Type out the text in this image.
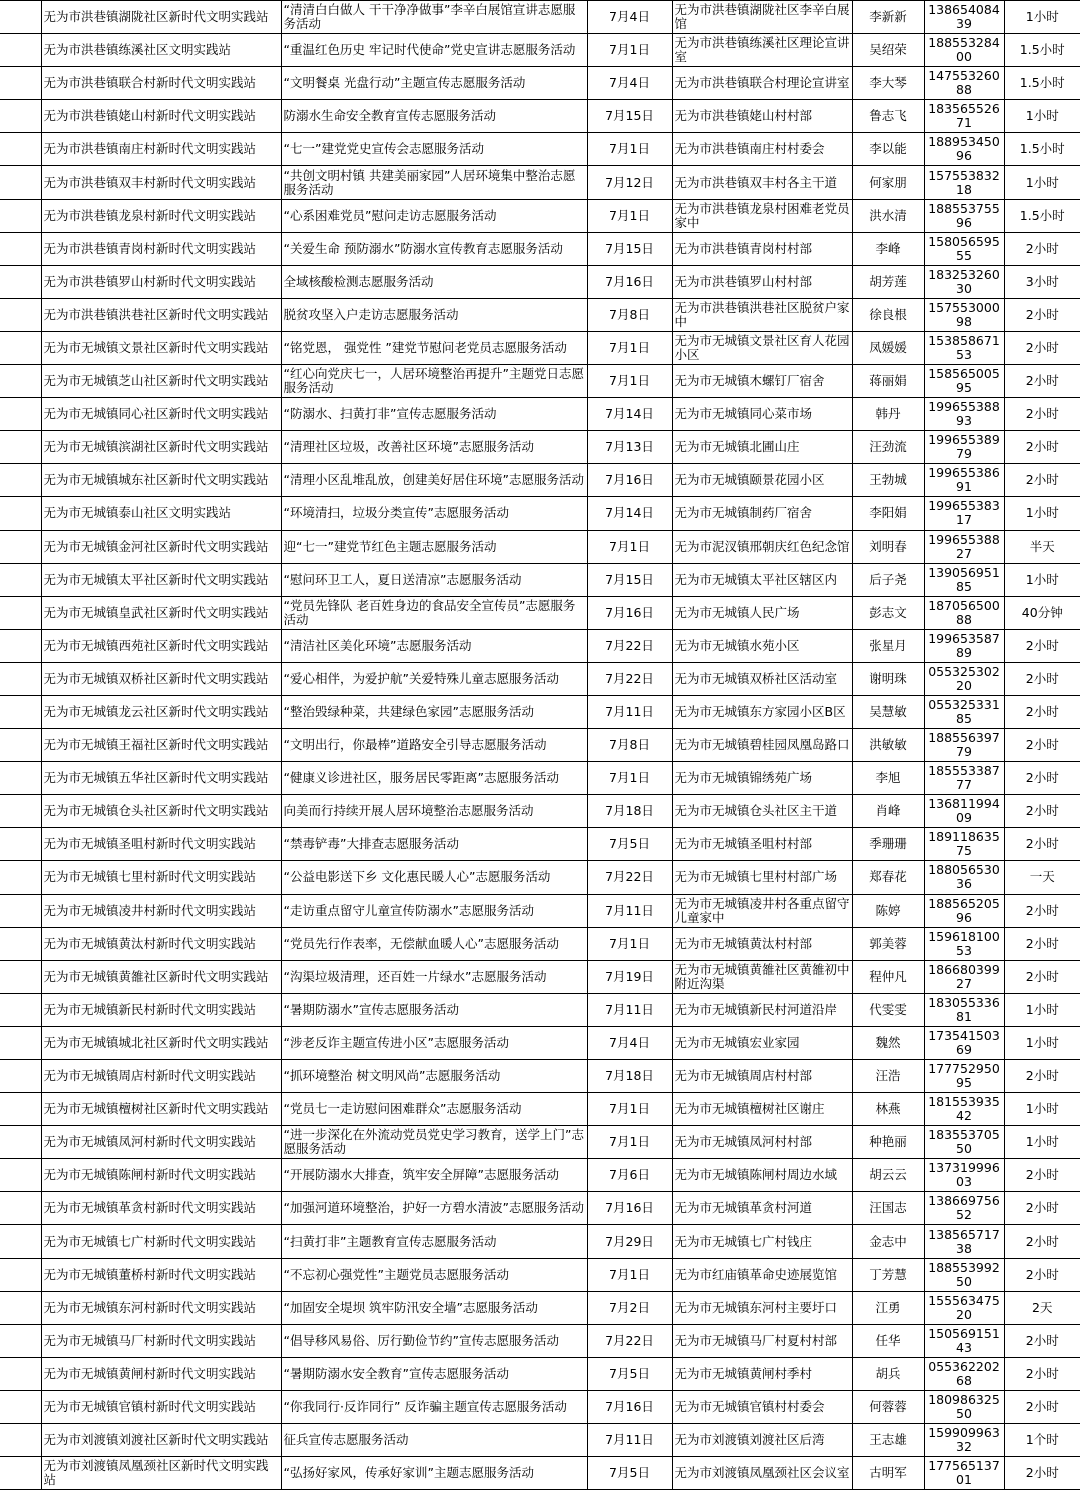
	无为市洪巷镇湖陇社区新时代文明实践站	“清清白白做人 干干净净做事”李辛白展馆宣讲志愿服务活动	7月4日	无为市洪巷镇湖陇社区李辛白展馆	李新新	13865408439	1小时

	无为市洪巷镇练溪社区文明实践站	“重温红色历史 牢记时代使命”党史宣讲志愿服务活动	7月1日	无为市洪巷镇练溪社区理论宣讲室	吴绍荣	18855328400	1.5小时

	无为市洪巷镇联合村新时代文明实践站	“文明餐桌 光盘行动”主题宣传志愿服务活动	7月4日	无为市洪巷镇联合村理论宣讲室	李大琴	14755326088	1.5小时

	无为市洪巷镇姥山村新时代文明实践站	防溺水生命安全教育宣传志愿服务活动	7月15日	无为市洪巷镇姥山村村部	鲁志飞	18356552671	1小时

	无为市洪巷镇南庄村新时代文明实践站	“七一”建党党史宣传会志愿服务活动	7月1日	无为市洪巷镇南庄村村委会	李以能	18895345096	1.5小时

	无为市洪巷镇双丰村新时代文明实践站	“共创文明村镇 共建美丽家园”人居环境集中整治志愿服务活动	7月12日	无为市洪巷镇双丰村各主干道	何家朋	15755383218	1小时

	无为市洪巷镇龙泉村新时代文明实践站	“心系困难党员”慰问走访志愿服务活动	7月1日	无为市洪巷镇龙泉村困难老党员家中	洪水清	18855375596	1.5小时

	无为市洪巷镇青岗村新时代文明实践站	“关爱生命 预防溺水”防溺水宣传教育志愿服务活动	7月15日	无为市洪巷镇青岗村村部	李峰	15805659555	2小时

	无为市洪巷镇罗山村新时代文明实践站	全域核酸检测志愿服务活动	7月16日	无为市洪巷镇罗山村村部	胡芳莲	18325326030	3小时

	无为市洪巷镇洪巷社区新时代文明实践站	脱贫攻坚入户走访志愿服务活动	7月8日	无为市洪巷镇洪巷社区脱贫户家中	徐良根	15755300098	2小时

	无为市无城镇文景社区新时代文明实践站	“铭党恩， 强党性 ”建党节慰问老党员志愿服务活动	7月1日	无为市无城镇文景社区育人花园小区	凤媛媛	15385867153	2小时

	无为市无城镇芝山社区新时代文明实践站	“红心向党庆七一，人居环境整治再提升”主题党日志愿服务活动	7月1日	无为市无城镇木螺钉厂宿舍	蒋丽娟	15856500595	2小时

	无为市无城镇同心社区新时代文明实践站	“防溺水、扫黄打非”宣传志愿服务活动	7月14日	无为市无城镇同心菜市场	韩丹	19965538893	2小时

	无为市无城镇滨湖社区新时代文明实践站	“清理社区垃圾，改善社区环境”志愿服务活动	7月13日	无为市无城镇北圃山庄	汪劲流	19965538979	2小时

	无为市无城镇城东社区新时代文明实践站	“清理小区乱堆乱放，创建美好居住环境”志愿服务活动	7月16日	无为市无城镇颐景花园小区	王勃城	19965538691	2小时

	无为市无城镇泰山社区文明实践站	“环境清扫，垃圾分类宣传”志愿服务活动	7月14日	无为市无城镇制药厂宿舍	李阳娟	19965538317	1小时

	无为市无城镇金河社区新时代文明实践站	迎“七一”建党节红色主题志愿服务活动	7月1日	无为市泥汊镇邢朝庆红色纪念馆	刘明春	19965538827	半天

	无为市无城镇太平社区新时代文明实践站	“慰问环卫工人，夏日送清凉”志愿服务活动	7月15日	无为市无城镇太平社区辖区内	后子尧	13905695185	1小时

	无为市无城镇皇武社区新时代文明实践站	“党员先锋队 老百姓身边的食品安全宣传员”志愿服务活动	7月16日	无为市无城镇人民广场	彭志文	18705650088	40分钟

	无为市无城镇西苑社区新时代文明实践站	“清洁社区美化环境”志愿服务活动	7月22日	无为市无城镇水苑小区	张星月	19965358789	2小时

	无为市无城镇双桥社区新时代文明实践站	“爱心相伴，为爱护航”关爱特殊儿童志愿服务活动	7月22日	无为市无城镇双桥社区活动室	谢明珠	05532530220	2小时

	无为市无城镇龙云社区新时代文明实践站	“整治毁绿种菜，共建绿色家园”志愿服务活动	7月11日	无为市无城镇东方家园小区B区	吴慧敏	05532533185	2小时

	无为市无城镇王福社区新时代文明实践站	“文明出行，你最棒”道路安全引导志愿服务活动	7月8日	无为市无城镇碧桂园凤凰岛路口	洪敏敏	18855639779	2小时

	无为市无城镇五华社区新时代文明实践站	“健康义诊进社区，服务居民零距离”志愿服务活动	7月1日	无为市无城镇锦绣苑广场	李旭	18555338777	2小时

	无为市无城镇仓头社区新时代文明实践站	向美而行持续开展人居环境整治志愿服务活动	7月18日	无为市无城镇仓头社区主干道	肖峰	13681199409	2小时

	无为市无城镇圣咀村新时代文明实践站	“禁毒铲毒”大排查志愿服务活动	7月5日	无为市无城镇圣咀村村部	季珊珊	18911863575	2小时

	无为市无城镇七里村新时代文明实践站	“公益电影送下乡 文化惠民暖人心”志愿服务活动	7月22日	无为市无城镇七里村村部广场	郑春花	18805653036	一天

	无为市无城镇凌井村新时代文明实践站	“走访重点留守儿童宣传防溺水”志愿服务活动	7月11日	无为市无城镇凌井村各重点留守儿童家中	陈婷	18856520596	2小时

	无为市无城镇黄汰村新时代文明实践站	“党员先行作表率，无偿献血暖人心”志愿服务活动	7月1日	无为市无城镇黄汰村村部	郭美蓉	15961810053	2小时

	无为市无城镇黄雒社区新时代文明实践站	“沟渠垃圾清理，还百姓一片绿水”志愿服务活动	7月19日	无为市无城镇黄雒社区黄雒初中附近沟渠	程仲凡	18668039927	2小时

	无为市无城镇新民村新时代文明实践站	“暑期防溺水”宣传志愿服务活动	7月11日	无为市无城镇新民村河道沿岸	代雯雯	18305533681	1小时

	无为市无城镇城北社区新时代文明实践站	“涉老反诈主题宣传进小区”志愿服务活动	7月4日	无为市无城镇宏业家园	魏然	17354150369	1小时

	无为市无城镇周店村新时代文明实践站	“抓环境整治 树文明风尚”志愿服务活动	7月18日	无为市无城镇周店村村部	汪浩	17775295095	2小时

	无为市无城镇檀树社区新时代文明实践站	“党员七一走访慰问困难群众”志愿服务活动	7月1日	无为市无城镇檀树社区谢庄	林燕	18155393542	1小时

	无为市无城镇凤河村新时代文明实践站	“进一步深化在外流动党员党史学习教育，送学上门”志愿服务活动	7月1日	无为市无城镇凤河村村部	种艳丽	18355370550	1小时

	无为市无城镇陈闸村新时代文明实践站	“开展防溺水大排查，筑牢安全屏障”志愿服务活动	7月6日	无为市无城镇陈闸村周边水域	胡云云	13731999603	2小时

	无为市无城镇革贪村新时代文明实践站	“加强河道环境整治，护好一方碧水清波”志愿服务活动	7月16日	无为市无城镇革贪村河道	汪国志	13866975652	2小时

	无为市无城镇七广村新时代文明实践站	“扫黄打非”主题教育宣传志愿服务活动	7月29日	无为市无城镇七广村钱庄	金志中	13856571738	2小时

	无为市无城镇董桥村新时代文明实践站	“不忘初心强党性”主题党员志愿服务活动	7月1日	无为市红庙镇革命史迹展览馆	丁芳慧	18855399250	2小时

	无为市无城镇东河村新时代文明实践站	“加固安全堤坝 筑牢防汛安全墙”志愿服务活动	7月2日	无为市无城镇东河村主要圩口	江勇	15556347520	2天

	无为市无城镇马厂村新时代文明实践站	“倡导移风易俗、厉行勤俭节约”宣传志愿服务活动	7月22日	无为市无城镇马厂村夏村村部	任华	15056915143	2小时

	无为市无城镇黄闸村新时代文明实践站	“暑期防溺水安全教育”宣传志愿服务活动	7月5日	无为市无城镇黄闸村季村	胡兵	05536220268	2小时

	无为市无城镇官镇村新时代文明实践站	“你我同行·反诈同行” 反诈骗主题宣传志愿服务活动	7月16日	无为市无城镇官镇村村委会	何蓉蓉	18098632550	2小时

	无为市刘渡镇刘渡社区新时代文明实践站	征兵宣传志愿服务活动	7月11日	无为市刘渡镇刘渡社区后湾	王志雄	15990996332	1个时

	无为市刘渡镇凤凰颈社区新时代文明实践站	“弘扬好家风，传承好家训”主题志愿服务活动	7月5日	无为市刘渡镇凤凰颈社区会议室	古明军	17756513701	2小时
